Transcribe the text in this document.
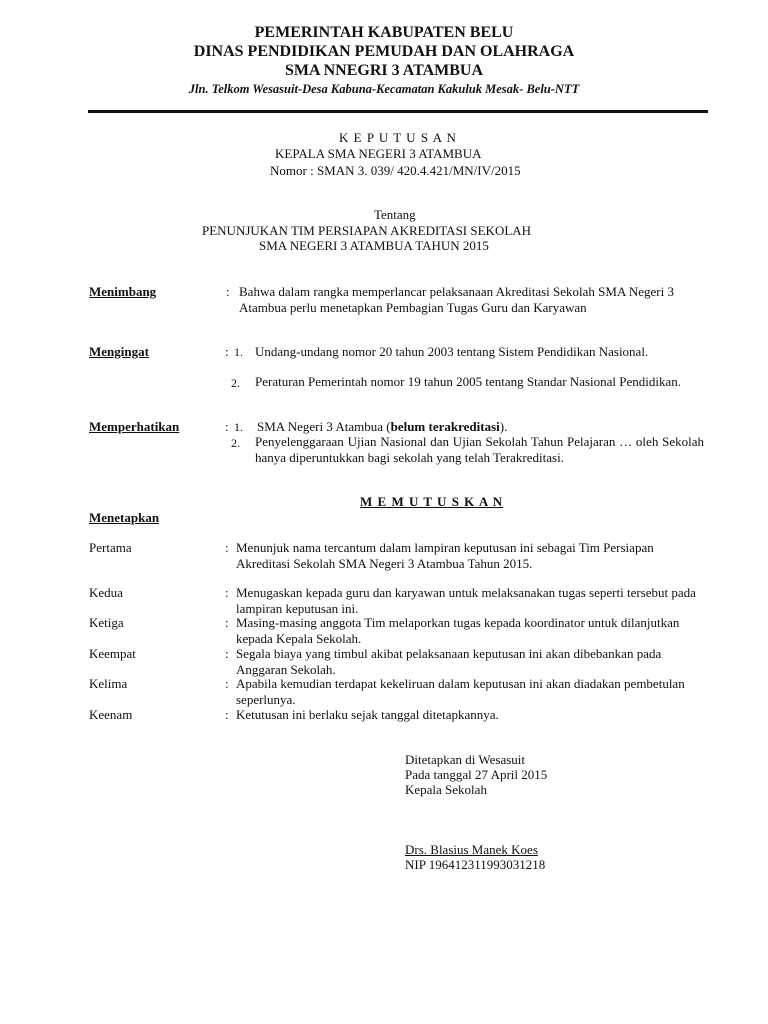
PEMERINTAH KABUPATEN BELU
DINAS PENDIDIKAN PEMUDAH DAN OLAHRAGA
SMA NNEGRI 3 ATAMBUA
Jln. Telkom Wesasuit-Desa Kabuna-Kecamatan Kakuluk Mesak- Belu-NTT
K E P U T U S A N
KEPALA SMA NEGERI 3 ATAMBUA
Nomor : SMAN 3. 039/ 420.4.421/MN/IV/2015
Tentang
PENUNJUKAN TIM PERSIAPAN AKREDITASI SEKOLAH
SMA NEGERI 3 ATAMBUA TAHUN 2015
Menimbang	: Bahwa dalam rangka memperlancar pelaksanaan Akreditasi Sekolah SMA Negeri 3 Atambua perlu menetapkan Pembagian Tugas Guru dan Karyawan
Mengingat	: 1. Undang-undang nomor 20 tahun 2003 tentang Sistem Pendidikan Nasional.
2. Peraturan Pemerintah nomor 19 tahun 2005 tentang Standar Nasional Pendidikan.
Memperhatikan	: 1. SMA Negeri 3 Atambua (belum terakreditasi).
2. Penyelenggaraan Ujian Nasional dan Ujian Sekolah Tahun Pelajaran … oleh Sekolah hanya diperuntukkan bagi sekolah yang telah Terakreditasi.
M E M U T U S K A N
Menetapkan
Pertama	: Menunjuk nama tercantum dalam lampiran keputusan ini sebagai Tim Persiapan Akreditasi Sekolah SMA Negeri 3 Atambua Tahun 2015.
Kedua	: Menugaskan kepada guru dan karyawan untuk melaksanakan tugas seperti tersebut pada lampiran keputusan ini.
Ketiga	: Masing-masing anggota Tim melaporkan tugas kepada koordinator untuk dilanjutkan kepada Kepala Sekolah.
Keempat	: Segala biaya yang timbul akibat pelaksanaan keputusan ini akan dibebankan pada Anggaran Sekolah.
Kelima	: Apabila kemudian terdapat kekeliruan dalam keputusan ini akan diadakan pembetulan seperlunya.
Keenam	: Ketutusan ini berlaku sejak tanggal ditetapkannya.
Ditetapkan di Wesasuit
Pada tanggal 27 April 2015
Kepala Sekolah
Drs. Blasius Manek Koes
NIP 196412311993031218
